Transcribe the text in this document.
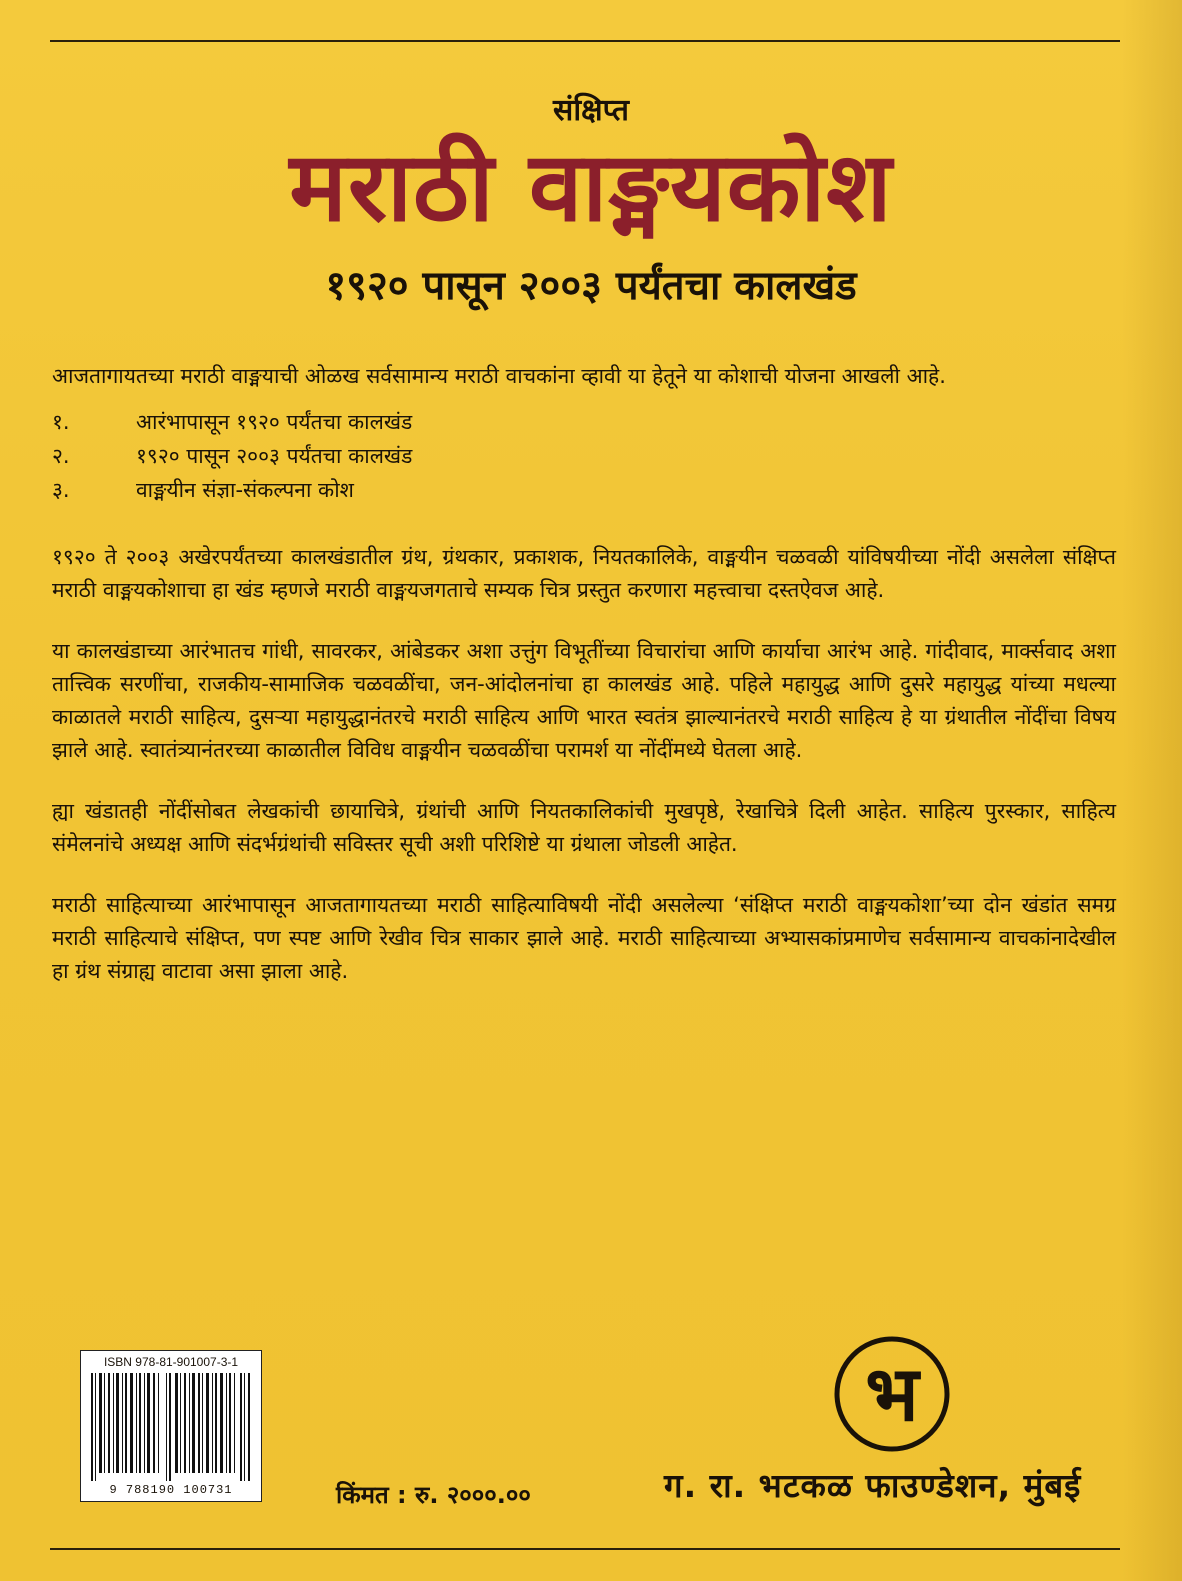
संक्षिप्त
मराठी वाङ्मयकोश
१९२० पासून २००३ पर्यंतचा कालखंड

आजतागायतच्या मराठी वाङ्मयाची ओळख सर्वसामान्य मराठी वाचकांना व्हावी या हेतूने या कोशाची योजना आखली आहे.

१.	आरंभापासून १९२० पर्यंतचा कालखंड
२.	१९२० पासून २००३ पर्यंतचा कालखंड
३.	वाङ्मयीन संज्ञा-संकल्पना कोश

१९२० ते २००३ अखेरपर्यंतच्या कालखंडातील ग्रंथ, ग्रंथकार, प्रकाशक, नियतकालिके, वाङ्मयीन चळवळी यांविषयीच्या नोंदी असलेला संक्षिप्त मराठी वाङ्मयकोशाचा हा खंड म्हणजे मराठी वाङ्मयजगताचे सम्यक चित्र प्रस्तुत करणारा महत्त्वाचा दस्तऐवज आहे.

या कालखंडाच्या आरंभातच गांधी, सावरकर, आंबेडकर अशा उत्तुंग विभूतींच्या विचारांचा आणि कार्याचा आरंभ आहे. गांदीवाद, मार्क्सवाद अशा तात्त्विक सरणींचा, राजकीय-सामाजिक चळवळींचा, जन-आंदोलनांचा हा कालखंड आहे. पहिले महायुद्ध आणि दुसरे महायुद्ध यांच्या मधल्या काळातले मराठी साहित्य, दुसऱ्या महायुद्धानंतरचे मराठी साहित्य आणि भारत स्वतंत्र झाल्यानंतरचे मराठी साहित्य हे या ग्रंथातील नोंदींचा विषय झाले आहे. स्वातंत्र्यानंतरच्या काळातील विविध वाङ्मयीन चळवळींचा परामर्श या नोंदींमध्ये घेतला आहे.

ह्या खंडातही नोंदींसोबत लेखकांची छायाचित्रे, ग्रंथांची आणि नियतकालिकांची मुखपृष्ठे, रेखाचित्रे दिली आहेत. साहित्य पुरस्कार, साहित्य संमेलनांचे अध्यक्ष आणि संदर्भग्रंथांची सविस्तर सूची अशी परिशिष्टे या ग्रंथाला जोडली आहेत.

मराठी साहित्याच्या आरंभापासून आजतागायतच्या मराठी साहित्याविषयी नोंदी असलेल्या ‘संक्षिप्त मराठी वाङ्मयकोशा’च्या दोन खंडांत समग्र मराठी साहित्याचे संक्षिप्त, पण स्पष्ट आणि रेखीव चित्र साकार झाले आहे. मराठी साहित्याच्या अभ्यासकांप्रमाणेच सर्वसामान्य वाचकांनादेखील हा ग्रंथ संग्राह्य वाटावा असा झाला आहे.

ISBN 978-81-901007-3-1
9 788190 100731	किंमत : रु. २०००.००
भ
ग. रा. भटकळ फाउण्डेशन, मुंबई
